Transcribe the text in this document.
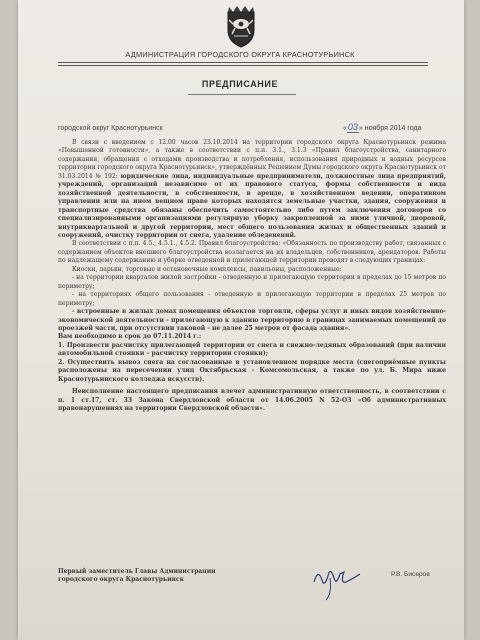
АДМИНИСТРАЦИЯ ГОРОДСКОГО ОКРУГА КРАСНОТУРЬИНСК
ПРЕДПИСАНИЕ
городской округ Краснотурьинск	«03» ноября 2014 года

В связи с введением с 12.00 часов 23.10.2014 на территории городского округа Краснотурьинск режима «Повышенной готовности», а также в соответствии с п.п. 3.1., 3.1.3 «Правил благоустройства, санитарного содержания, обращения с отходами производства и потребления, использования природных и водных ресурсов территории городского округа Краснотурьинск», утверждённых Решением Думы городского округа Краснотурьинск от 31.03.2014 № 192: юридические лица, индивидуальные предприниматели, должностные лица предприятий, учреждений, организаций независимо от их правового статуса, формы собственности и вида хозяйственной деятельности, в собственности, в аренде, в хозяйственном ведении, оперативном управлении или на ином вещном праве которых находятся земельные участки, здания, сооружения и транспортные средства обязаны обеспечить самостоятельно либо путем заключения договоров со специализированными организациями регулярную уборку закрепленной за ними уличной, дворовой, внутриквартальной и другой территории, мест общего пользования жилых и общественных зданий и сооружений, очистку территории от снега, удаление обледенений.

В соответствии с п.п. 4.5., 4.5.1., 4.5.2. Правил благоустройства: «Обязанность по производству работ, связанных с содержанием объектов внешнего благоустройства возлагается на их владельцев, собственников, арендаторов. Работы по надлежащему содержанию и уборке отведенной и прилегающей территории проводят в следующих границах:

Киоски, ларьки, торговые и остановочные комплексы, павильоны, расположенные:

- на территории кварталов жилой застройки - отведенную и прилегающую территории в пределах до 15 метров по периметру;

- на территориях общего пользования - отведенную и прилегающую территории в пределах 25 метров по периметру;

- встроенные в жилых домах помещения объектов торговли, сферы услуг и иных видов хозяйственно-экономической деятельности - прилегающую к зданию территорию в границах занимаемых помещений до проезжей части, при отсутствии таковой - не далее 25 метров от фасада здания».

Вам необходимо в срок до 07.11.2014 г.:

1. Произвести расчистку прилегающей территории от снега и снежно-ледяных образований (при наличии автомобильной стоянки – расчистку территории стоянки);

2. Осуществить вывоз снега на согласованные в установленном порядке места (снегоприёмные пункты расположены на пересечении улиц Октябрьская - Комсомольская, а также по ул. Б. Мира ниже Краснотурьинского колледжа искусств).

Неисполнение настоящего предписания влечет административную ответственность, в соответствии с п. 1 ст.17, ст. 33 Закона Свердловской области от 14.06.2005 N 52-ОЗ «Об административных правонарушениях на территории Свердловской области».

Первый заместитель Главы Администрации
городского округа Краснотурьинск
Р.В. Бисеров
